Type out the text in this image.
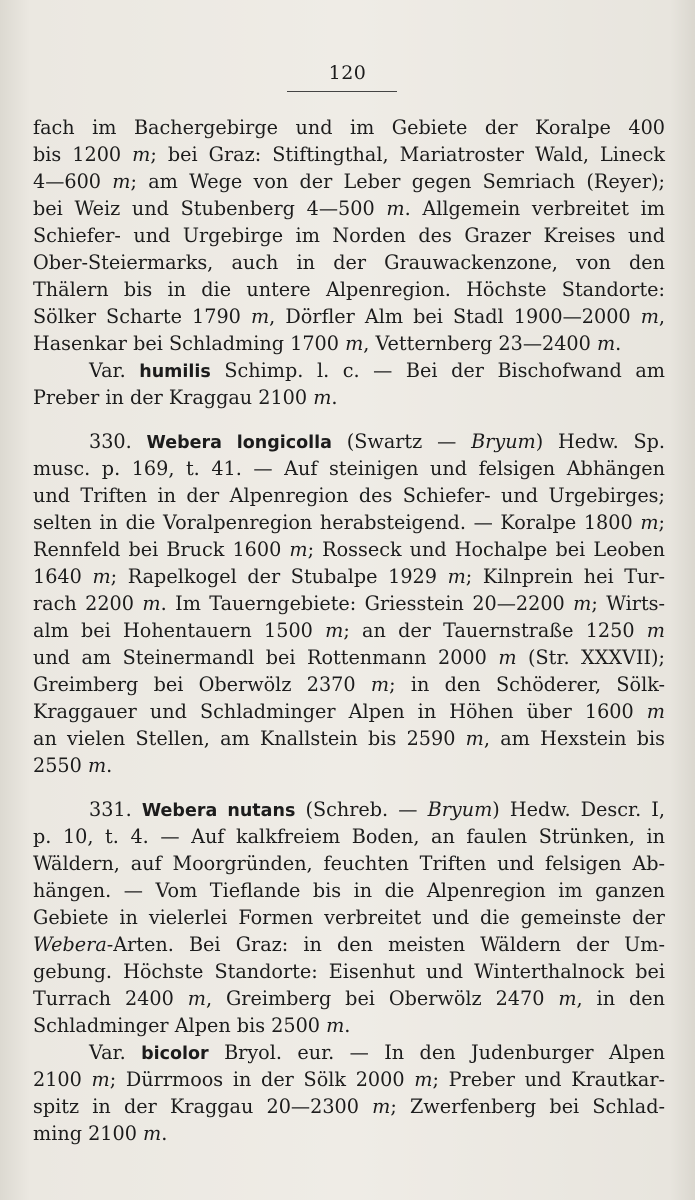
120
fach im Bachergebirge und im Gebiete der Koralpe 400
bis 1200 m; bei Graz: Stiftingthal, Mariatroster Wald, Lineck
4—600 m; am Wege von der Leber gegen Semriach (Reyer);
bei Weiz und Stubenberg 4—500 m. Allgemein verbreitet im
Schiefer- und Urgebirge im Norden des Grazer Kreises und
Ober-Steiermarks, auch in der Grauwackenzone, von den
Thälern bis in die untere Alpenregion. Höchste Standorte:
Sölker Scharte 1790 m, Dörfler Alm bei Stadl 1900—2000 m,
Hasenkar bei Schladming 1700 m, Vetternberg 23—2400 m.
Var. humilis Schimp. l. c. — Bei der Bischofwand am
Preber in der Kraggau 2100 m.
330. Webera longicolla (Swartz — Bryum) Hedw. Sp.
musc. p. 169, t. 41. — Auf steinigen und felsigen Abhängen
und Triften in der Alpenregion des Schiefer- und Urgebirges;
selten in die Voralpenregion herabsteigend. — Koralpe 1800 m;
Rennfeld bei Bruck 1600 m; Rosseck und Hochalpe bei Leoben
1640 m; Rapelkogel der Stubalpe 1929 m; Kilnprein hei Tur-
rach 2200 m. Im Tauerngebiete: Griesstein 20—2200 m; Wirts-
alm bei Hohentauern 1500 m; an der Tauernstraße 1250 m
und am Steinermandl bei Rottenmann 2000 m (Str. XXXVII);
Greimberg bei Oberwölz 2370 m; in den Schöderer, Sölk-
Kraggauer und Schladminger Alpen in Höhen über 1600 m
an vielen Stellen, am Knallstein bis 2590 m, am Hexstein bis
2550 m.
331. Webera nutans (Schreb. — Bryum) Hedw. Descr. I,
p. 10, t. 4. — Auf kalkfreiem Boden, an faulen Strünken, in
Wäldern, auf Moorgründen, feuchten Triften und felsigen Ab-
hängen. — Vom Tieflande bis in die Alpenregion im ganzen
Gebiete in vielerlei Formen verbreitet und die gemeinste der
Webera-Arten. Bei Graz: in den meisten Wäldern der Um-
gebung. Höchste Standorte: Eisenhut und Winterthalnock bei
Turrach 2400 m, Greimberg bei Oberwölz 2470 m, in den
Schladminger Alpen bis 2500 m.
Var. bicolor Bryol. eur. — In den Judenburger Alpen
2100 m; Dürrmoos in der Sölk 2000 m; Preber und Krautkar-
spitz in der Kraggau 20—2300 m; Zwerfenberg bei Schlad-
ming 2100 m.
